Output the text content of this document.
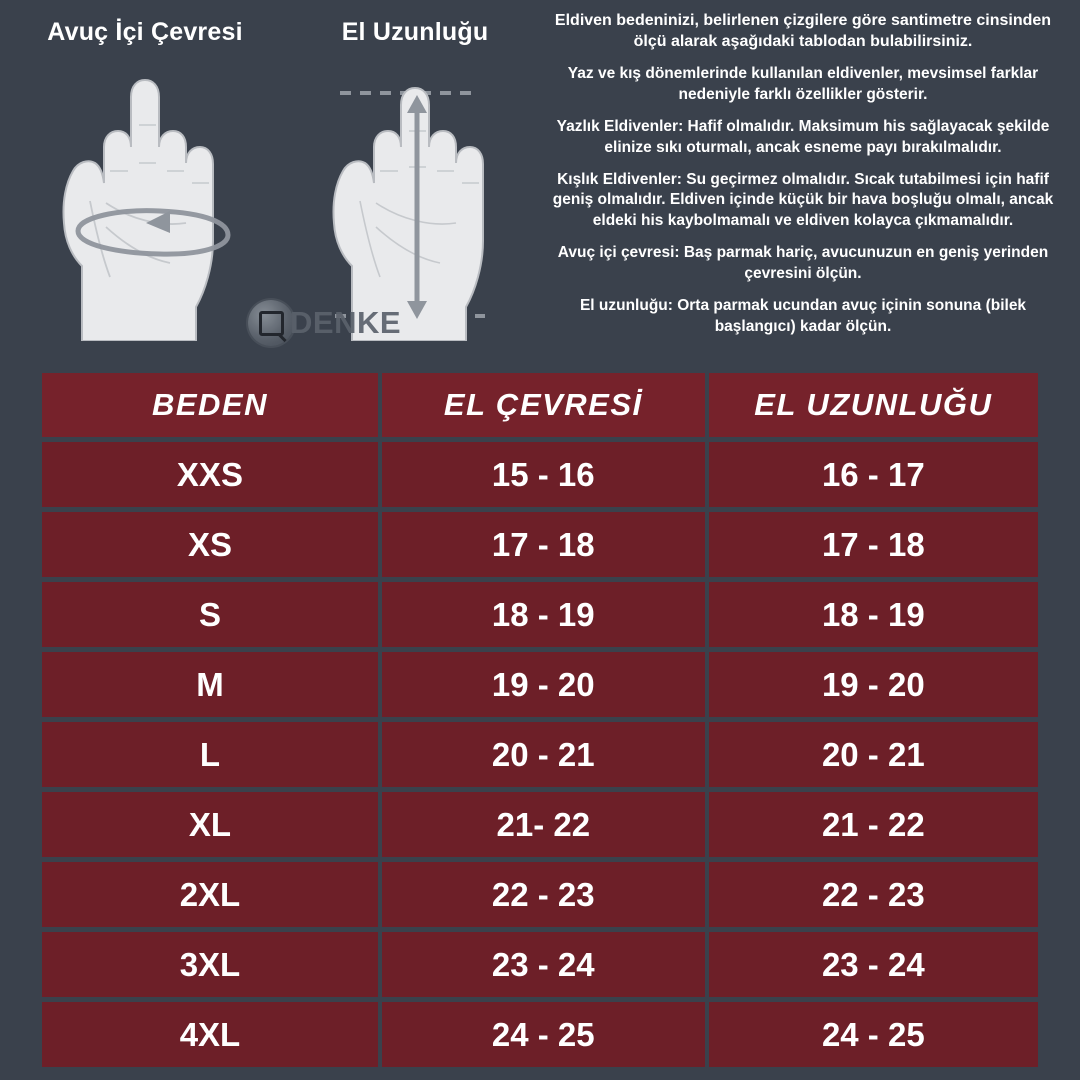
Avuç İçi Çevresi	El Uzunluğu	Eldiven bedeninizi, belirlenen çizgilere göre santimetre cinsinden ölçü alarak aşağıdaki tablodan bulabilirsiniz.

Yaz ve kış dönemlerinde kullanılan eldivenler, mevsimsel farklar nedeniyle farklı özellikler gösterir.

Yazlık Eldivenler: Hafif olmalıdır. Maksimum his sağlayacak şekilde elinize sıkı oturmalı, ancak esneme payı bırakılmalıdır.

Kışlık Eldivenler: Su geçirmez olmalıdır. Sıcak tutabilmesi için hafif geniş olmalıdır. Eldiven içinde küçük bir hava boşluğu olmalı, ancak eldeki his kaybolmamalı ve eldiven kolayca çıkmamalıdır.

Avuç içi çevresi: Baş parmak hariç, avucunuzun en geniş yerinden çevresini ölçün.

El uzunluğu: Orta parmak ucundan avuç içinin sonuna (bilek başlangıcı) kadar ölçün.

DENKE
BEDEN	EL ÇEVRESİ	EL UZUNLUĞU
XXS	15 - 16	16 - 17
XS	17 - 18	17 - 18
S	18 - 19	18 - 19
M	19 - 20	19 - 20
L	20 - 21	20 - 21
XL	21- 22	21 - 22
2XL	22 - 23	22 - 23
3XL	23 - 24	23 - 24
4XL	24 - 25	24 - 25
